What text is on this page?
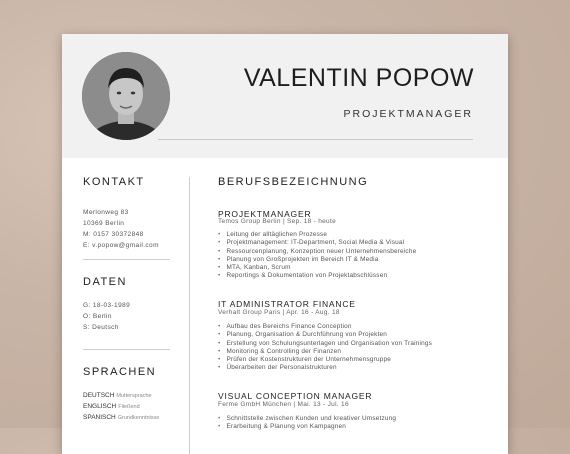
VALENTIN POPOW
PROJEKTMANAGER
KONTAKT
Merlonweg 83
10369 Berlin
M: 0157 30372848
E: v.popow@gmail.com
DATEN
G: 18-03-1989
O: Berlin
S: Deutsch
SPRACHEN
DEUTSCH Muttersprache
ENGLISCH Fließend
SPANISCH Grundkenntnisse
BERUFSBEZEICHNUNG
PROJEKTMANAGER
Temos Group Berlin | Sep. 18 - heute
• Leitung der alltäglichen Prozesse
• Projektmanagement: IT-Department, Social Media & Visual
• Ressourcenplanung, Konzeption neuer Unternehmensbereiche
• Planung von Großprojekten im Bereich IT & Media
• MTA, Kanban, Scrum
• Reportings & Dokumentation von Projektabschlüssen
IT ADMINISTRATOR FINANCE
Verhalt Group Paris | Apr. 16 - Aug. 18
• Aufbau des Bereichs Finance Conception
• Planung, Organisation & Durchführung von Projekten
• Erstellung von Schulungsunterlagen und Organisation von Trainings
• Monitoring & Controlling der Finanzen
• Prüfen der Kostenstrukturen der Unternehmensgruppe
• Überarbeiten der Personalstrukturen
VISUAL CONCEPTION MANAGER
Ferme GmbH München | Mai. 13 - Jul. 16
• Schnittstelle zwischen Kunden und kreativer Umsetzung
• Erarbeitung & Planung von Kampagnen
